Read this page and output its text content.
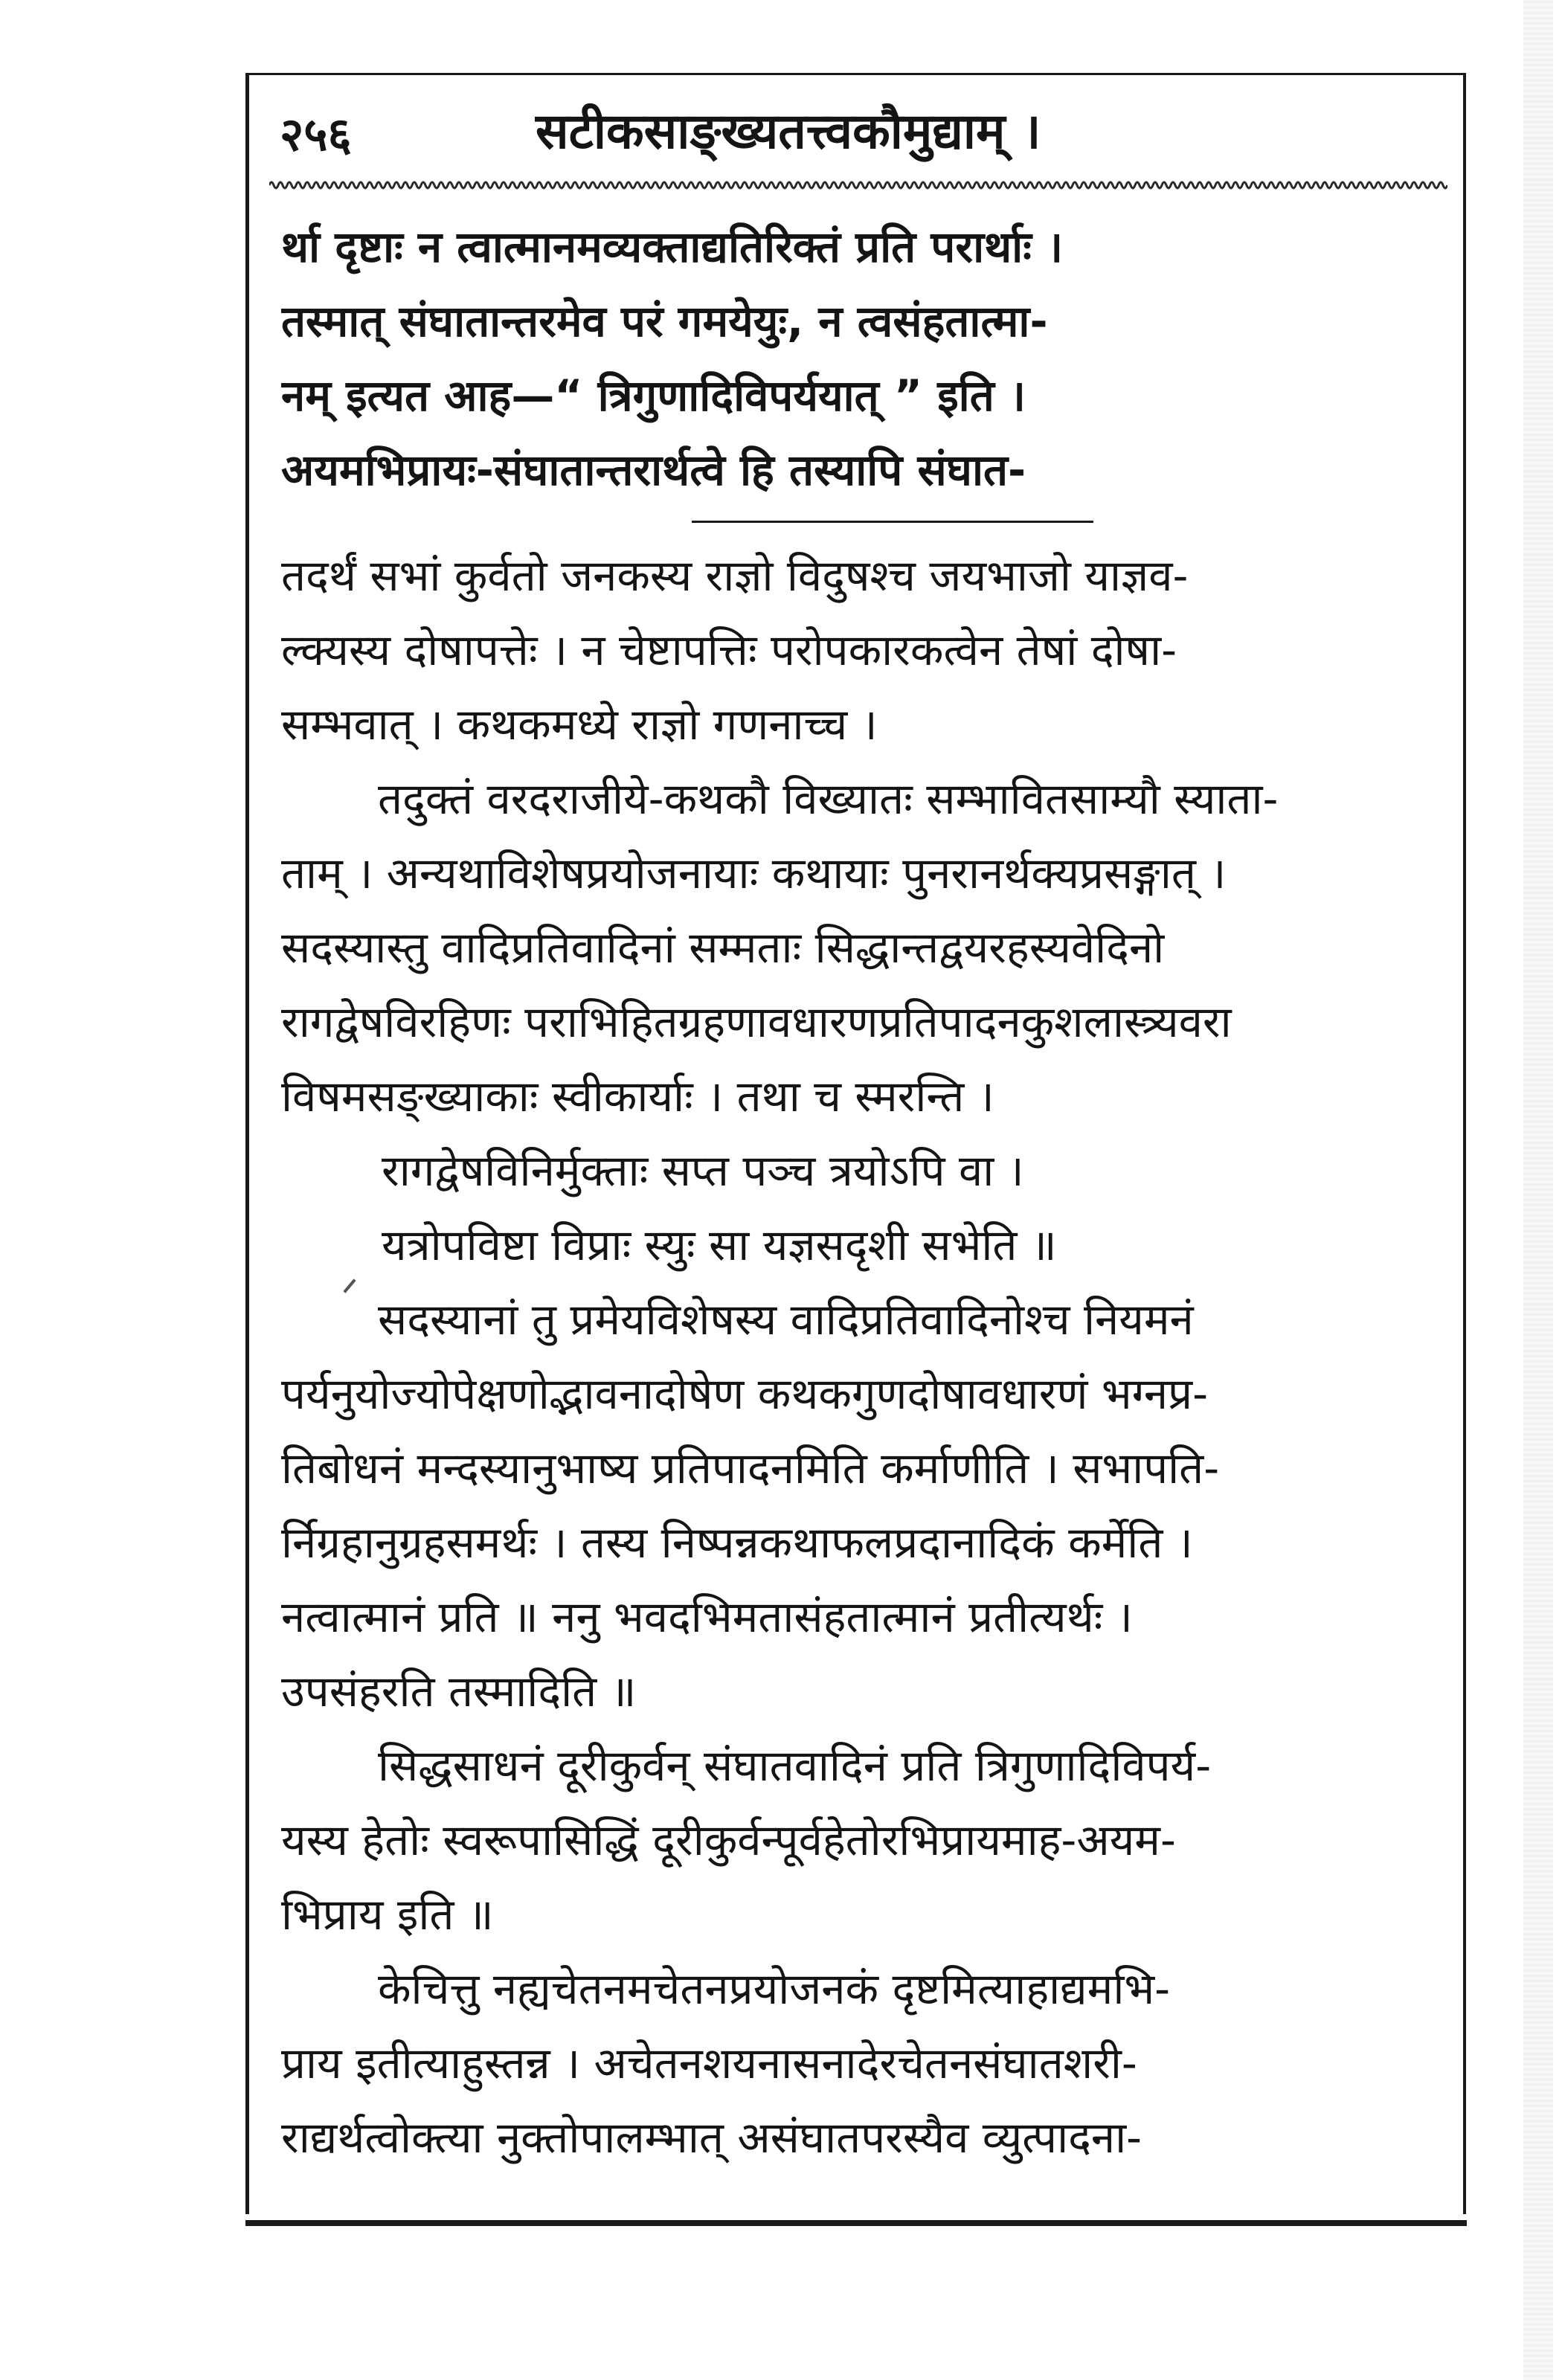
२५६	सटीकसाङ्ख्यतत्त्वकौमुद्याम् ।
र्था दृष्टाः न त्वात्मानमव्यक्ताद्यतिरिक्तं प्रति परार्थाः ।
तस्मात् संघातान्तरमेव परं गमयेयुः, न त्वसंहतात्मा-
नम् इत्यत आह—“ त्रिगुणादिविपर्ययात् ” इति ।
अयमभिप्रायः-संघातान्तरार्थत्वे हि तस्यापि संघात-
तदर्थं सभां कुर्वतो जनकस्य राज्ञो विदुषश्च जयभाजो याज्ञव-
ल्क्यस्य दोषापत्तेः । न चेष्टापत्तिः परोपकारकत्वेन तेषां दोषा-
सम्भवात् । कथकमध्ये राज्ञो गणनाच्च ।
तदुक्तं वरदराजीये-कथकौ विख्यातः सम्भावितसाम्यौ स्याता-
ताम् । अन्यथाविशेषप्रयोजनायाः कथायाः पुनरानर्थक्यप्रसङ्गात् ।
सदस्यास्तु वादिप्रतिवादिनां सम्मताः सिद्धान्तद्वयरहस्यवेदिनो
रागद्वेषविरहिणः पराभिहितग्रहणावधारणप्रतिपादनकुशलास्त्र्यवरा
विषमसङ्ख्याकाः स्वीकार्याः । तथा च स्मरन्ति ।
रागद्वेषविनिर्मुक्ताः सप्त पञ्च त्रयोऽपि वा ।
यत्रोपविष्टा विप्राः स्युः सा यज्ञसदृशी सभेति ॥
सदस्यानां तु प्रमेयविशेषस्य वादिप्रतिवादिनोश्च नियमनं
पर्यनुयोज्योपेक्षणोद्भावनादोषेण कथकगुणदोषावधारणं भग्नप्र-
तिबोधनं मन्दस्यानुभाष्य प्रतिपादनमिति कर्माणीति । सभापति-
र्निग्रहानुग्रहसमर्थः । तस्य निष्पन्नकथाफलप्रदानादिकं कर्मेति ।
नत्वात्मानं प्रति ॥ ननु भवदभिमतासंहतात्मानं प्रतीत्यर्थः ।
उपसंहरति तस्मादिति ॥
सिद्धसाधनं दूरीकुर्वन् संघातवादिनं प्रति त्रिगुणादिविपर्य-
यस्य हेतोः स्वरूपासिद्धिं दूरीकुर्वन्पूर्वहेतोरभिप्रायमाह-अयम-
भिप्राय इति ॥
केचित्तु नह्यचेतनमचेतनप्रयोजनकं दृष्टमित्याहाद्यमभि-
प्राय इतीत्याहुस्तन्न । अचेतनशयनासनादेरचेतनसंघातशरी-
राद्यर्थत्वोक्त्या नुक्तोपालम्भात् असंघातपरस्यैव व्युत्पादना-
